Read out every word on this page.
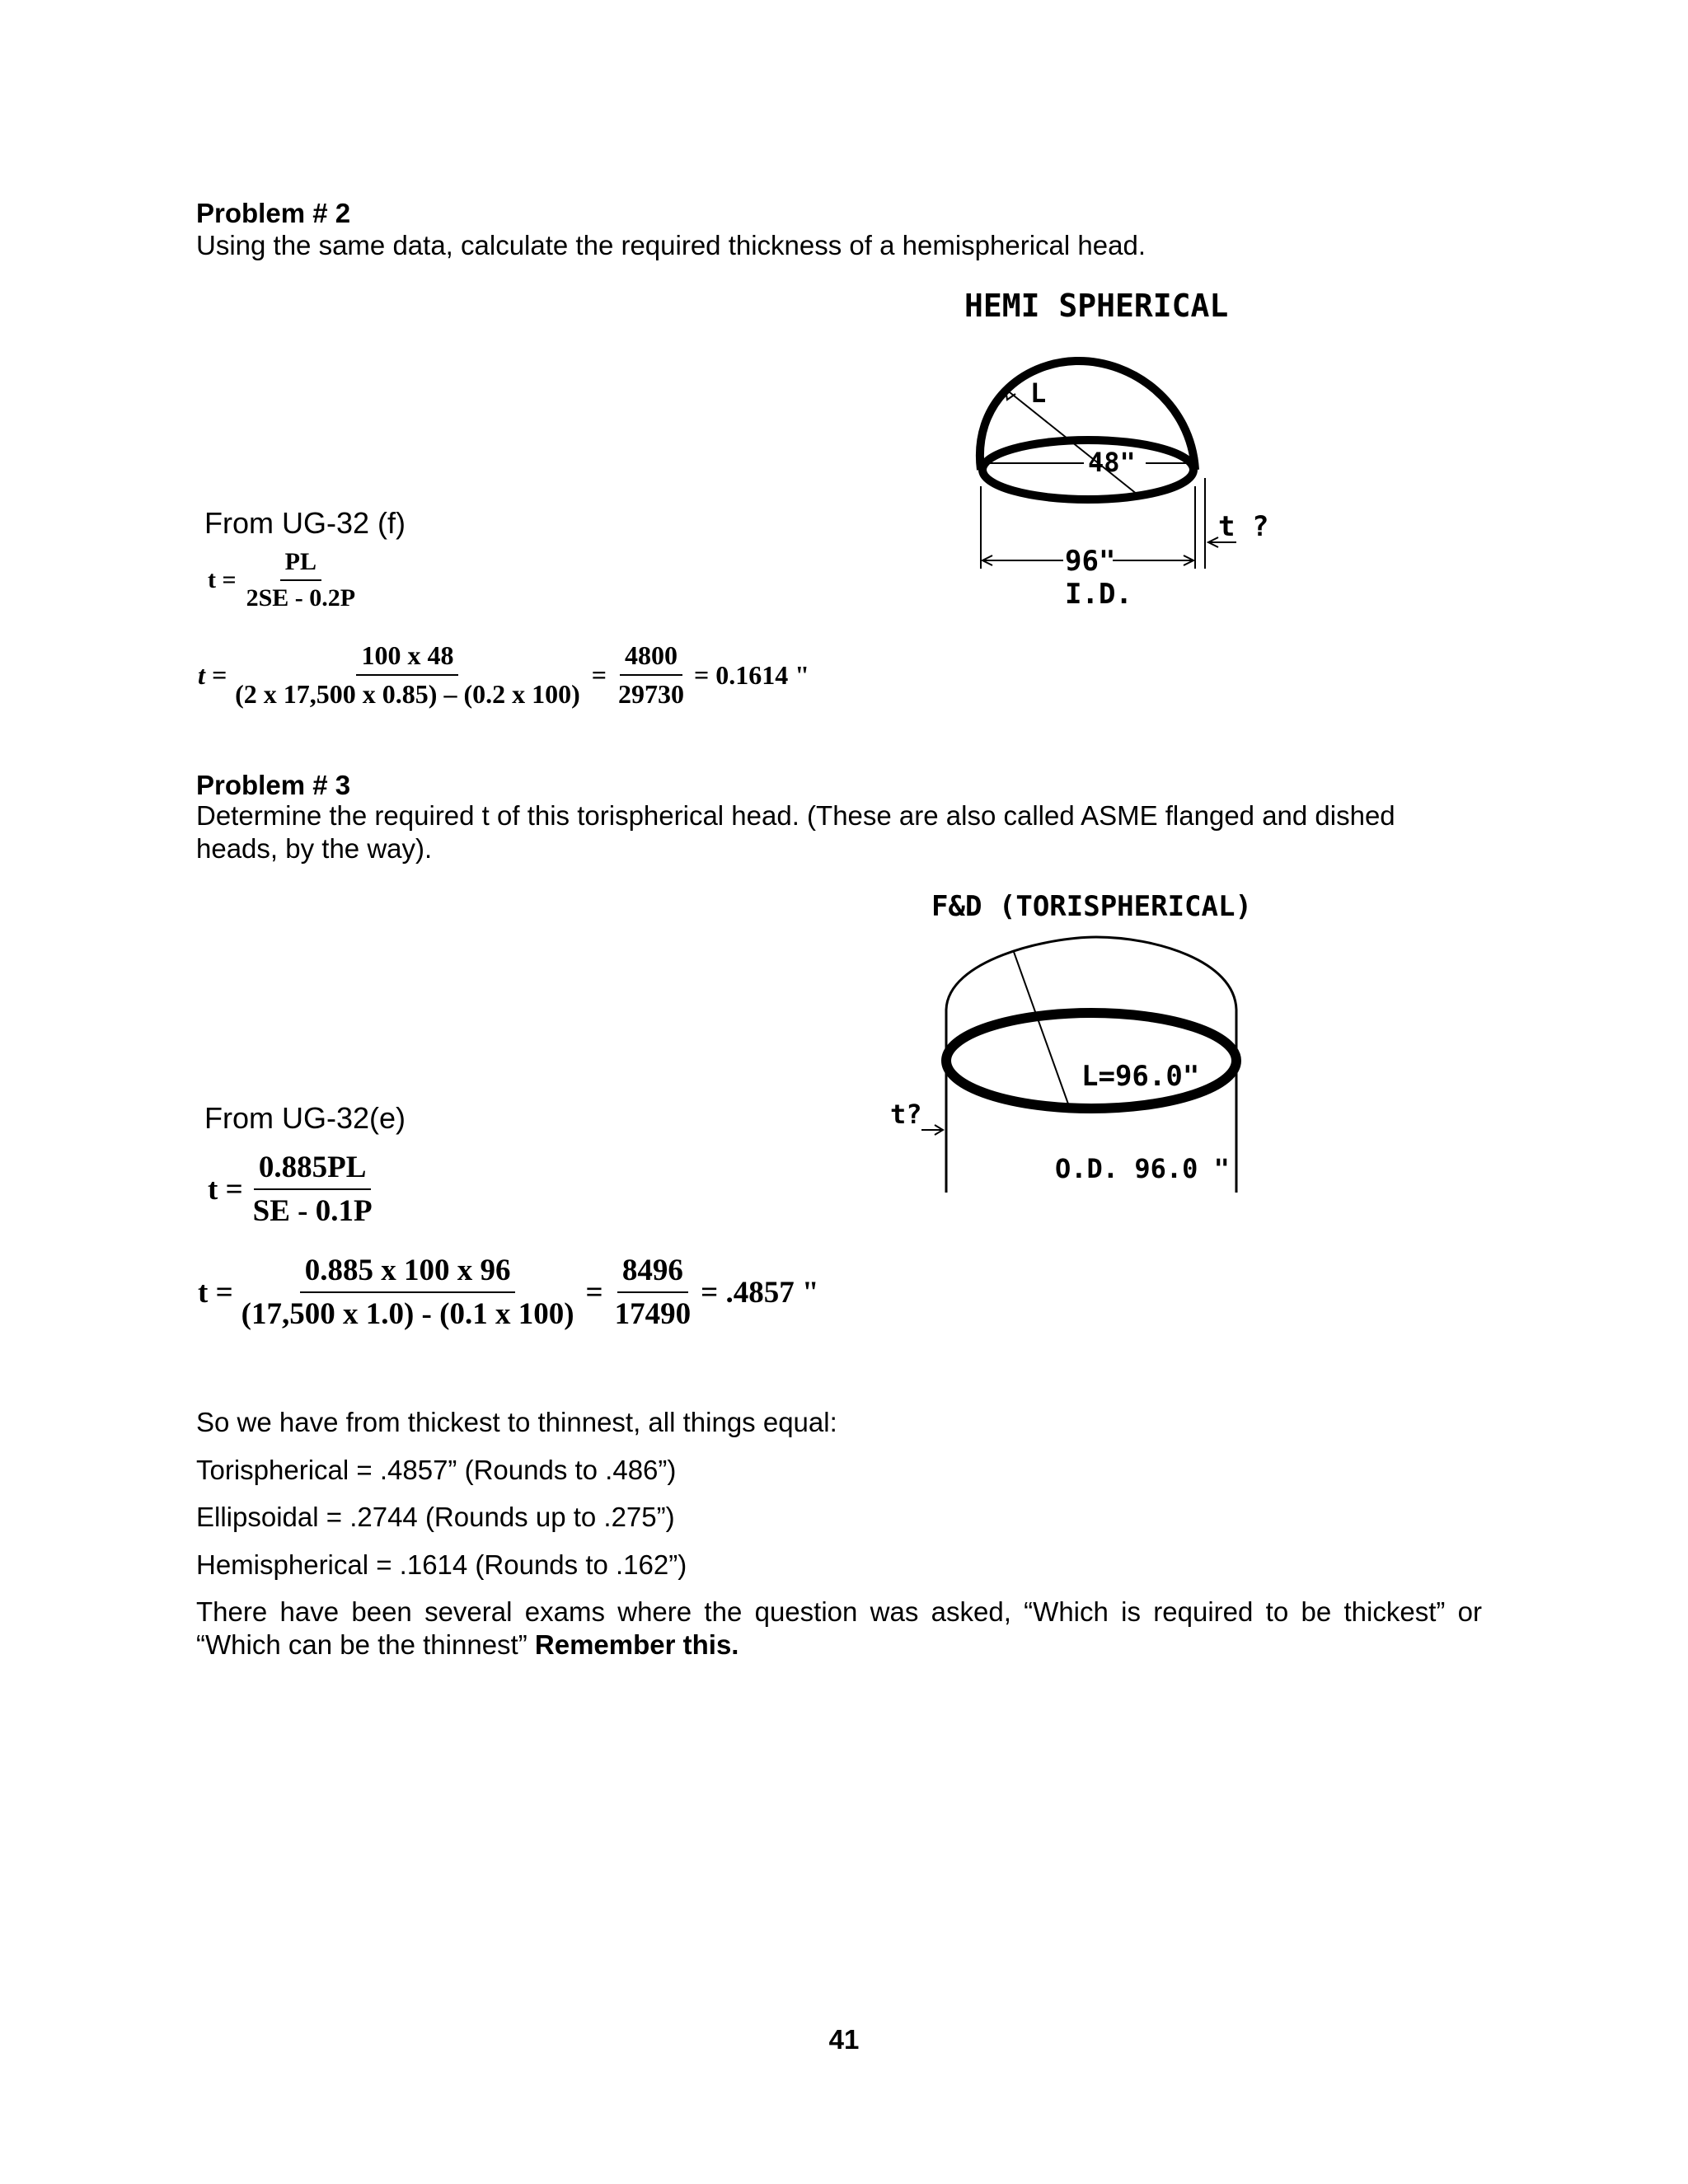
Problem # 2
Using the same data, calculate the required thickness of a hemispherical head.
From UG-32 (f)
$t = \frac{PL}{2SE - 0.2P}$
$t = \frac{100 x 48}{(2 x 17,500 x 0.85) - (0.2 x 100)} = \frac{4800}{29730} = 0.1614$ "
HEMI SPHERICAL
L
48"
96"
I.D.
t ?
Problem # 3
Determine the required t of this torispherical head. (These are also called ASME flanged and dished heads, by the way).
From UG-32(e)
$t = \frac{0.885PL}{SE - 0.1P}$
$t = \frac{0.885 x 100 x 96}{(17,500 x 1.0) - (0.1 x 100)} = \frac{8496}{17490} = .4857$ "
F&D (TORISPHERICAL)
L=96.0"
O.D. 96.0 "
t?
So we have from thickest to thinnest, all things equal:
Torispherical = .4857” (Rounds to .486”)
Ellipsoidal = .2744 (Rounds up to .275”)
Hemispherical = .1614 (Rounds to .162”)
There have been several exams where the question was asked, “Which is required to be thickest” or “Which can be the thinnest” Remember this.
41
